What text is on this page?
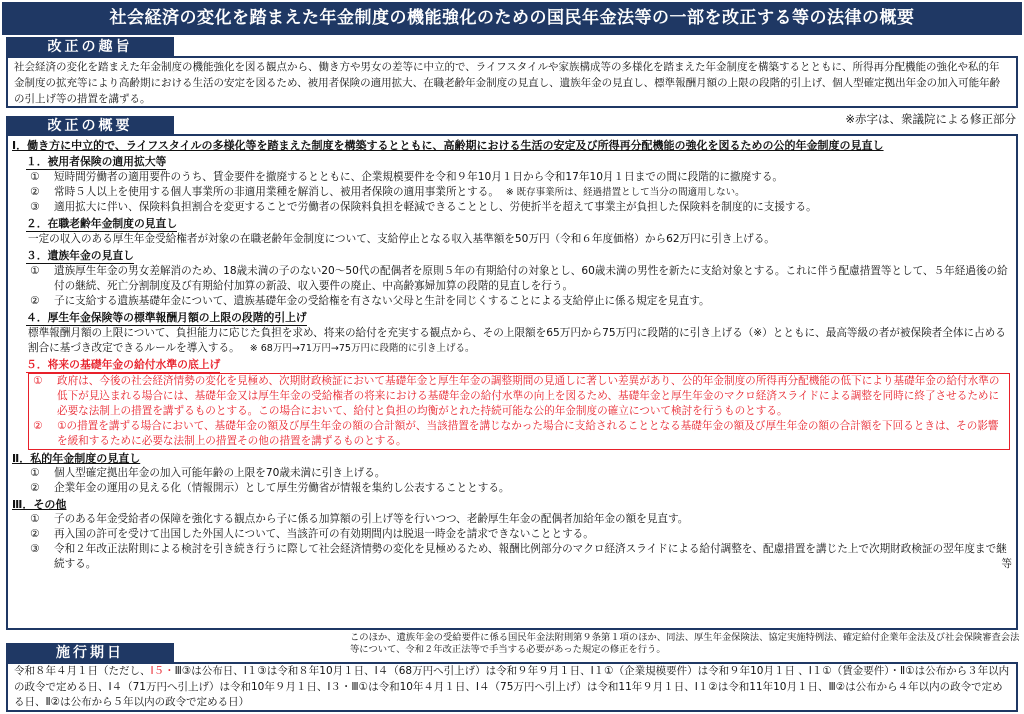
社会経済の変化を踏まえた年金制度の機能強化のための国民年金法等の一部を改正する等の法律の概要
改正の趣旨
社会経済の変化を踏まえた年金制度の機能強化を図る観点から、働き方や男女の差等に中立的で、ライフスタイルや家族構成等の多様化を踏まえた年金制度を構築するとともに、所得再分配機能の強化や私的年金制度の拡充等により高齢期における生活の安定を図るため、被用者保険の適用拡大、在職老齢年金制度の見直し、遺族年金の見直し、標準報酬月額の上限の段階的引上げ、個人型確定拠出年金の加入可能年齢の引上げ等の措置を講ずる。
改正の概要	※赤字は、衆議院による修正部分
Ⅰ．働き方に中立的で、ライフスタイルの多様化等を踏まえた制度を構築するとともに、高齢期における生活の安定及び所得再分配機能の強化を図るための公的年金制度の見直し
１．被用者保険の適用拡大等
①	短時間労働者の適用要件のうち、賃金要件を撤廃するとともに、企業規模要件を令和９年10月１日から令和17年10月１日までの間に段階的に撤廃する。
②	常時５人以上を使用する個人事業所の非適用業種を解消し、被用者保険の適用事業所とする。 ※ 既存事業所は、経過措置として当分の間適用しない。
③	適用拡大に伴い、保険料負担割合を変更することで労働者の保険料負担を軽減できることとし、労使折半を超えて事業主が負担した保険料を制度的に支援する。
２．在職老齢年金制度の見直し
一定の収入のある厚生年金受給権者が対象の在職老齢年金制度について、支給停止となる収入基準額を50万円（令和６年度価格）から62万円に引き上げる。
３．遺族年金の見直し
①	遺族厚生年金の男女差解消のため、18歳未満の子のない20～50代の配偶者を原則５年の有期給付の対象とし、60歳未満の男性を新たに支給対象とする。これに伴う配慮措置等として、５年経過後の給付の継続、死亡分割制度及び有期給付加算の新設、収入要件の廃止、中高齢寡婦加算の段階的見直しを行う。
②	子に支給する遺族基礎年金について、遺族基礎年金の受給権を有さない父母と生計を同じくすることによる支給停止に係る規定を見直す。
４．厚生年金保険等の標準報酬月額の上限の段階的引上げ
標準報酬月額の上限について、負担能力に応じた負担を求め、将来の給付を充実する観点から、その上限額を65万円から75万円に段階的に引き上げる（※）とともに、最高等級の者が被保険者全体に占める割合に基づき改定できるルールを導入する。 ※ 68万円→71万円→75万円に段階的に引き上げる。
５．将来の基礎年金の給付水準の底上げ
①	政府は、今後の社会経済情勢の変化を見極め、次期財政検証において基礎年金と厚生年金の調整期間の見通しに著しい差異があり、公的年金制度の所得再分配機能の低下により基礎年金の給付水準の低下が見込まれる場合には、基礎年金又は厚生年金の受給権者の将来における基礎年金の給付水準の向上を図るため、基礎年金と厚生年金のマクロ経済スライドによる調整を同時に終了させるために必要な法制上の措置を講ずるものとする。この場合において、給付と負担の均衡がとれた持続可能な公的年金制度の確立について検討を行うものとする。
②	①の措置を講ずる場合において、基礎年金の額及び厚生年金の額の合計額が、当該措置を講じなかった場合に支給されることとなる基礎年金の額及び厚生年金の額の合計額を下回るときは、その影響を緩和するために必要な法制上の措置その他の措置を講ずるものとする。
Ⅱ．私的年金制度の見直し
①	個人型確定拠出年金の加入可能年齢の上限を70歳未満に引き上げる。
②	企業年金の運用の見える化（情報開示）として厚生労働省が情報を集約し公表することとする。
Ⅲ．その他
①	子のある年金受給者の保障を強化する観点から子に係る加算額の引上げ等を行いつつ、老齢厚生年金の配偶者加給年金の額を見直す。
②	再入国の許可を受けて出国した外国人について、当該許可の有効期間内は脱退一時金を請求できないこととする。
③	令和２年改正法附則による検討を引き続き行うに際して社会経済情勢の変化を見極めるため、報酬比例部分のマクロ経済スライドによる給付調整を、配慮措置を講じた上で次期財政検証の翌年度まで継続する。	等
このほか、遺族年金の受給要件に係る国民年金法附則第９条第１項のほか、同法、厚生年金保険法、協定実施特例法、確定給付企業年金法及び社会保険審査会法等について、令和２年改正法等で手当する必要があった規定の修正を行う。
施行期日
令和８年４月１日（ただし、Ⅰ５・Ⅲ③は公布日、Ⅰ１③は令和８年10月１日、Ⅰ４（68万円へ引上げ）は令和９年９月１日、Ⅰ１①（企業規模要件）は令和９年10月１日 、Ⅰ１①（賃金要件）・Ⅱ①は公布から３年以内の政令で定める日、Ⅰ４（71万円へ引上げ）は令和10年９月１日、Ⅰ３・Ⅲ①は令和10年４月１日、Ⅰ４（75万円へ引上げ）は令和11年９月１日、Ⅰ１②は令和11年10月１日、Ⅲ②は公布から４年以内の政令で定める日、Ⅱ②は公布から５年以内の政令で定める日）
